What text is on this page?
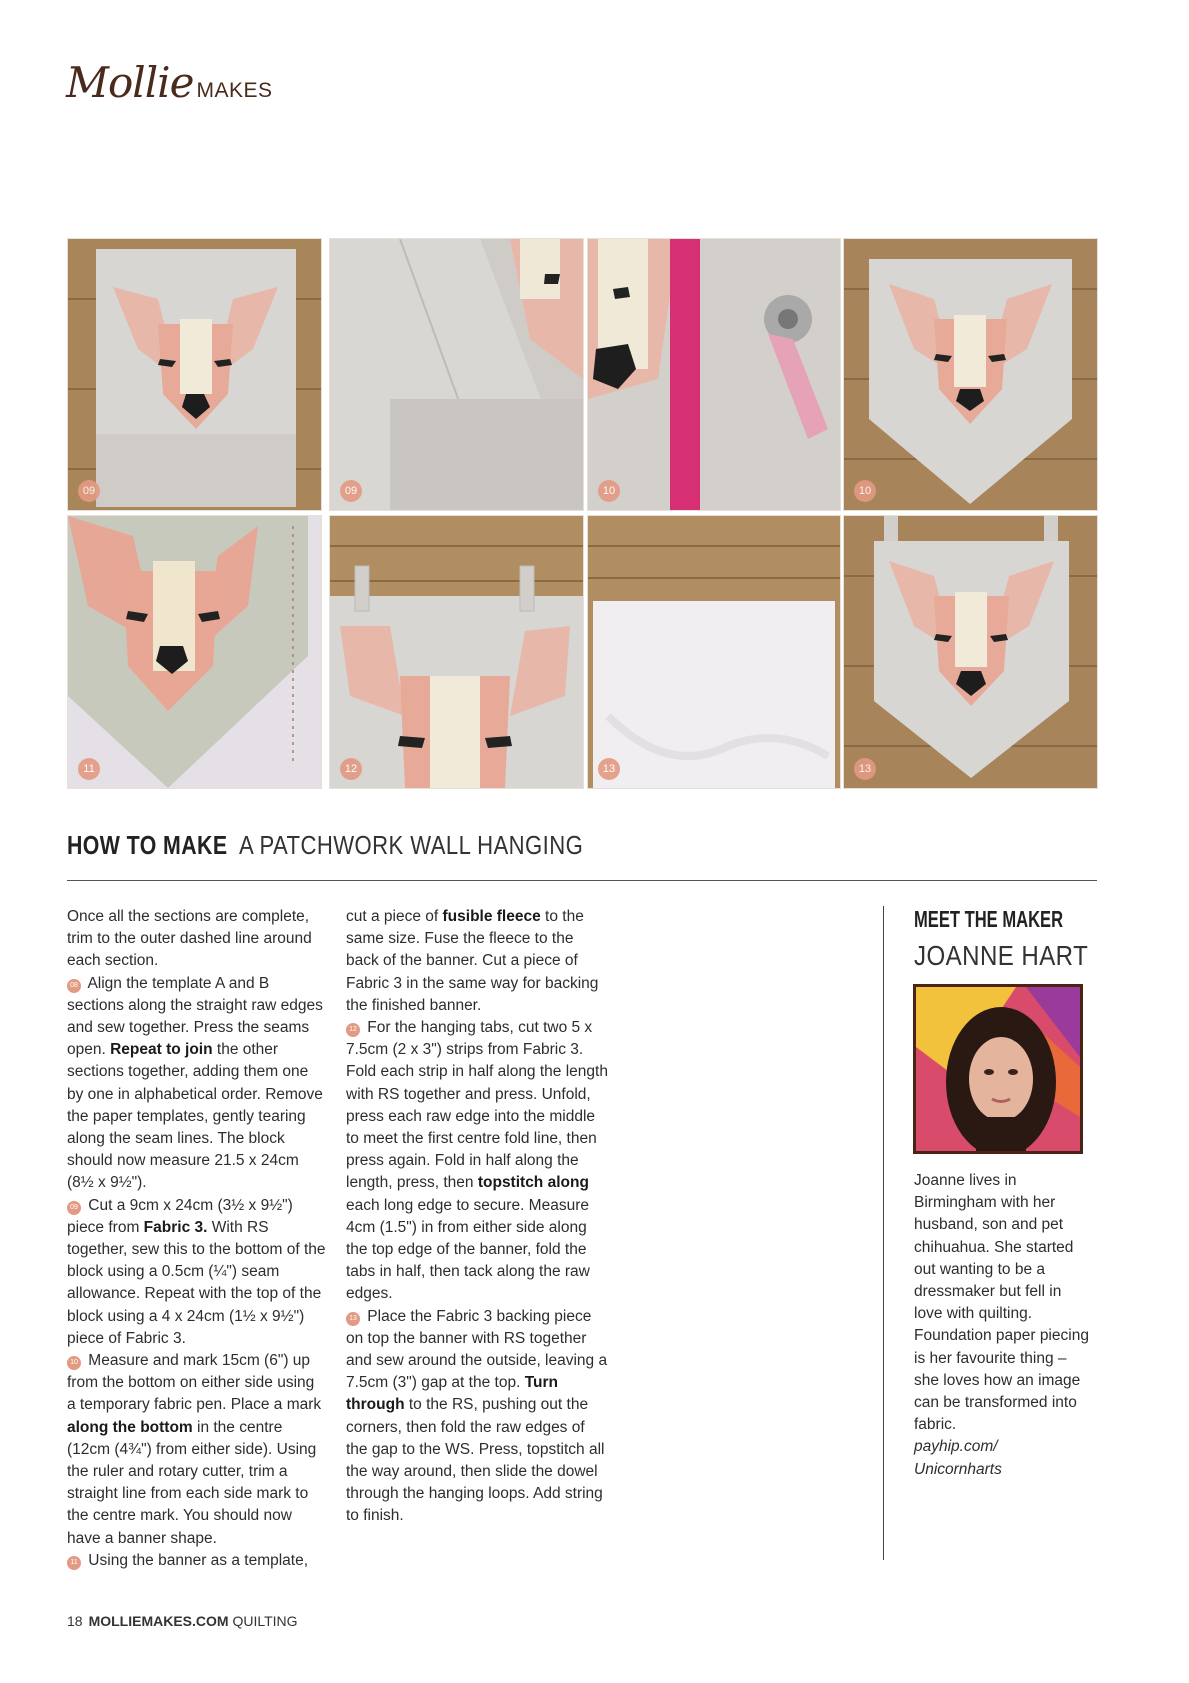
Mollie MAKES
09	09	10	10
11	12	13	13
HOW TO MAKEA PATCHWORK WALL HANGING

Once all the sections are complete, trim to the outer dashed line around each section.

08 Align the template A and B sections along the straight raw edges and sew together. Press the seams open. Repeat to join the other sections together, adding them one by one in alphabetical order. Remove the paper templates, gently tearing along the seam lines. The block should now measure 21.5 x 24cm (8½ x 9½").

09 Cut a 9cm x 24cm (3½ x 9½") piece from Fabric 3. With RS together, sew this to the bottom of the block using a 0.5cm (¼") seam allowance. Repeat with the top of the block using a 4 x 24cm (1½ x 9½") piece of Fabric 3.

10 Measure and mark 15cm (6") up from the bottom on either side using a temporary fabric pen. Place a mark along the bottom in the centre (12cm (4¾") from either side). Using the ruler and rotary cutter, trim a straight line from each side mark to the centre mark. You should now have a banner shape.

11 Using the banner as a template,

cut a piece of fusible fleece to the same size. Fuse the fleece to the back of the banner. Cut a piece of Fabric 3 in the same way for backing the finished banner.

12 For the hanging tabs, cut two 5 x 7.5cm (2 x 3") strips from Fabric 3. Fold each strip in half along the length with RS together and press. Unfold, press each raw edge into the middle to meet the first centre fold line, then press again. Fold in half along the length, press, then topstitch along each long edge to secure. Measure 4cm (1.5") in from either side along the top edge of the banner, fold the tabs in half, then tack along the raw edges.

13 Place the Fabric 3 backing piece on top the banner with RS together and sew around the outside, leaving a 7.5cm (3") gap at the top. Turn through to the RS, pushing out the corners, then fold the raw edges of the gap to the WS. Press, topstitch all the way around, then slide the dowel through the hanging loops. Add string to finish.

MEET THE MAKER
JOANNE HART
Joanne lives in Birmingham with her husband, son and pet chihuahua. She started out wanting to be a dressmaker but fell in love with quilting. Foundation paper piecing is her favourite thing – she loves how an image can be transformed into fabric.
payhip.com/
Unicornharts
18 MOLLIEMAKES.COM QUILTING
